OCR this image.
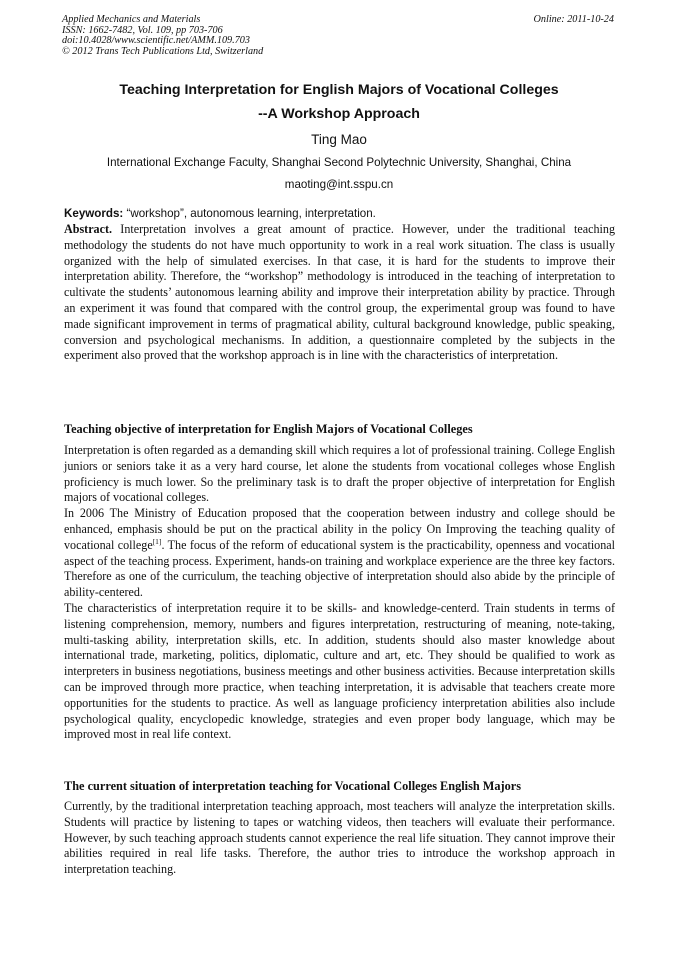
Applied Mechanics and Materials
ISSN: 1662-7482, Vol. 109, pp 703-706
doi:10.4028/www.scientific.net/AMM.109.703
© 2012 Trans Tech Publications Ltd, Switzerland
Online: 2011-10-24
Teaching Interpretation for English Majors of Vocational Colleges
--A Workshop Approach
Ting Mao
International Exchange Faculty, Shanghai Second Polytechnic University, Shanghai, China
maoting@int.sspu.cn
Keywords: “workshop”, autonomous learning, interpretation.

Abstract. Interpretation involves a great amount of practice. However, under the traditional teaching methodology the students do not have much opportunity to work in a real work situation. The class is usually organized with the help of simulated exercises. In that case, it is hard for the students to improve their interpretation ability. Therefore, the “workshop” methodology is introduced in the teaching of interpretation to cultivate the students’ autonomous learning ability and improve their interpretation ability by practice. Through an experiment it was found that compared with the control group, the experimental group was found to have made significant improvement in terms of pragmatical ability, cultural background knowledge, public speaking, conversion and psychological mechanisms. In addition, a questionnaire completed by the subjects in the experiment also proved that the workshop approach is in line with the characteristics of interpretation.

Teaching objective of interpretation for English Majors of Vocational Colleges

Interpretation is often regarded as a demanding skill which requires a lot of professional training. College English juniors or seniors take it as a very hard course, let alone the students from vocational colleges whose English proficiency is much lower. So the preliminary task is to draft the proper objective of interpretation for English majors of vocational colleges.

In 2006 The Ministry of Education proposed that the cooperation between industry and college should be enhanced, emphasis should be put on the practical ability in the policy On Improving the teaching quality of vocational college[1]. The focus of the reform of educational system is the practicability, openness and vocational aspect of the teaching process. Experiment, hands-on training and workplace experience are the three key factors. Therefore as one of the curriculum, the teaching objective of interpretation should also abide by the principle of ability-centered.

The characteristics of interpretation require it to be skills- and knowledge-centerd. Train students in terms of listening comprehension, memory, numbers and figures interpretation, restructuring of meaning, note-taking, multi-tasking ability, interpretation skills, etc. In addition, students should also master knowledge about international trade, marketing, politics, diplomatic, culture and art, etc. They should be qualified to work as interpreters in business negotiations, business meetings and other business activities. Because interpretation skills can be improved through more practice, when teaching interpretation, it is advisable that teachers create more opportunities for the students to practice. As well as language proficiency interpretation abilities also include psychological quality, encyclopedic knowledge, strategies and even proper body language, which may be improved most in real life context.

The current situation of interpretation teaching for Vocational Colleges English Majors

Currently, by the traditional interpretation teaching approach, most teachers will analyze the interpretation skills. Students will practice by listening to tapes or watching videos, then teachers will evaluate their performance. However, by such teaching approach students cannot experience the real life situation. They cannot improve their abilities required in real life tasks. Therefore, the author tries to introduce the workshop approach in interpretation teaching.
